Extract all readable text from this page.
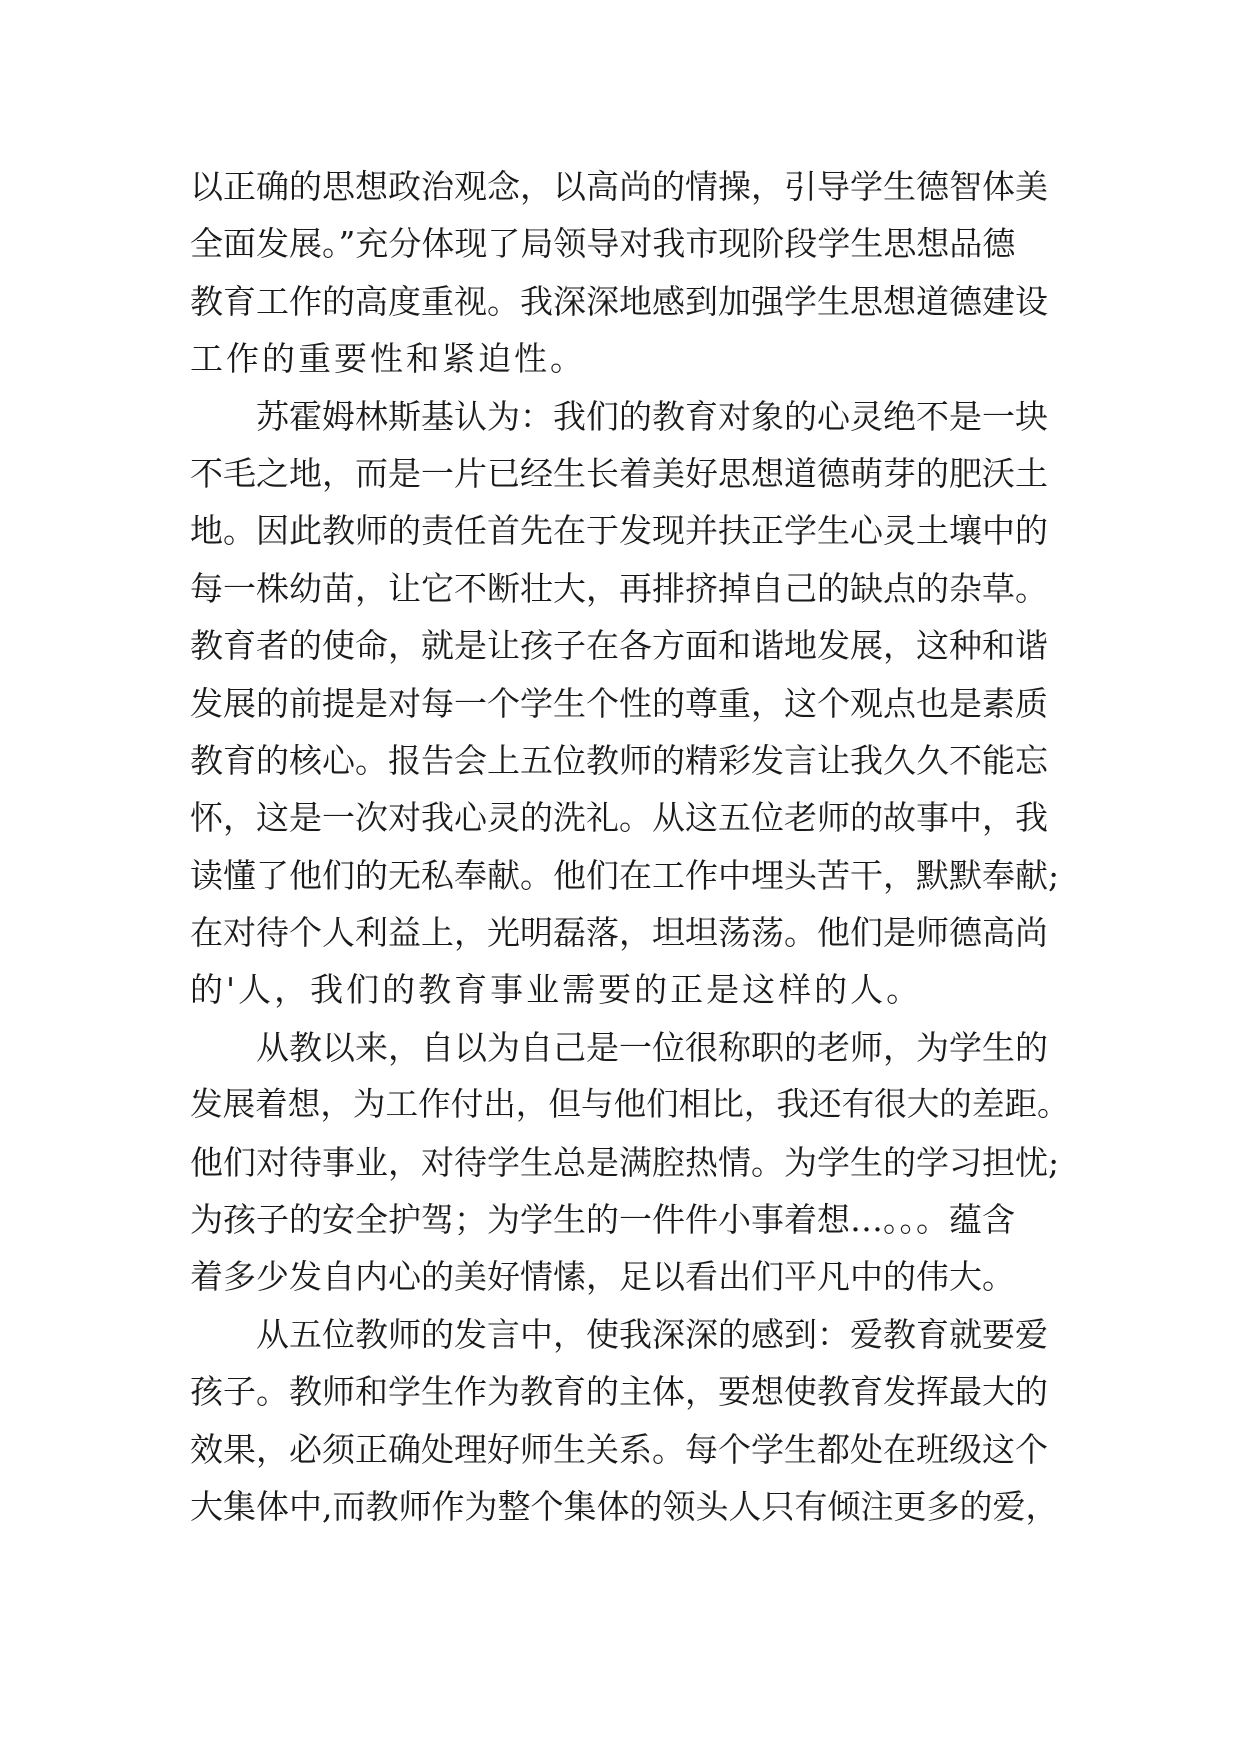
以正确的思想政治观念，以高尚的情操，引导学生德智体美
全面发展。”充分体现了局领导对我市现阶段学生思想品德
教育工作的高度重视。我深深地感到加强学生思想道德建设
工作的重要性和紧迫性。
　　苏霍姆林斯基认为：我们的教育对象的心灵绝不是一块
不毛之地，而是一片已经生长着美好思想道德萌芽的肥沃土
地。因此教师的责任首先在于发现并扶正学生心灵土壤中的
每一株幼苗，让它不断壮大，再排挤掉自己的缺点的杂草。
教育者的使命，就是让孩子在各方面和谐地发展，这种和谐
发展的前提是对每一个学生个性的尊重，这个观点也是素质
教育的核心。报告会上五位教师的精彩发言让我久久不能忘
怀，这是一次对我心灵的洗礼。从这五位老师的故事中，我
读懂了他们的无私奉献。他们在工作中埋头苦干，默默奉献;
在对待个人利益上，光明磊落，坦坦荡荡。他们是师德高尚
的'人，我们的教育事业需要的正是这样的人。
　　从教以来，自以为自己是一位很称职的老师，为学生的
发展着想，为工作付出，但与他们相比，我还有很大的差距。
他们对待事业，对待学生总是满腔热情。为学生的学习担忧;
为孩子的安全护驾；为学生的一件件小事着想…。。。蕴含
着多少发自内心的美好情愫，足以看出们平凡中的伟大。
　　从五位教师的发言中，使我深深的感到：爱教育就要爱
孩子。教师和学生作为教育的主体，要想使教育发挥最大的
效果，必须正确处理好师生关系。每个学生都处在班级这个
大集体中,而教师作为整个集体的领头人只有倾注更多的爱，
